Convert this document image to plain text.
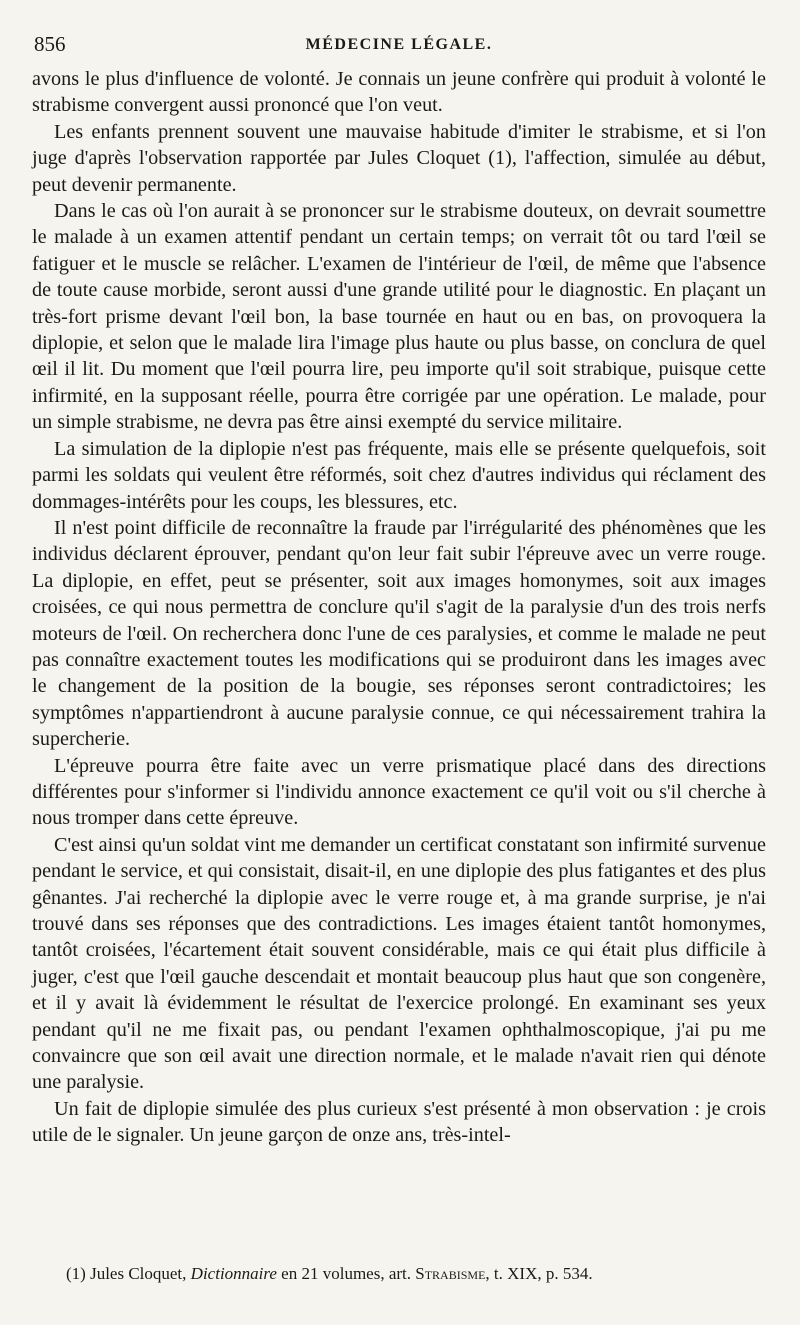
856	MÉDECINE LÉGALE.

avons le plus d'influence de volonté. Je connais un jeune confrère qui produit à volonté le strabisme convergent aussi prononcé que l'on veut.

Les enfants prennent souvent une mauvaise habitude d'imiter le strabisme, et si l'on juge d'après l'observation rapportée par Jules Cloquet (1), l'affection, simulée au début, peut devenir permanente.

Dans le cas où l'on aurait à se prononcer sur le strabisme douteux, on devrait soumettre le malade à un examen attentif pendant un certain temps; on verrait tôt ou tard l'œil se fatiguer et le muscle se relâcher. L'examen de l'intérieur de l'œil, de même que l'absence de toute cause morbide, seront aussi d'une grande utilité pour le diagnostic. En plaçant un très-fort prisme devant l'œil bon, la base tournée en haut ou en bas, on provoquera la diplopie, et selon que le malade lira l'image plus haute ou plus basse, on conclura de quel œil il lit. Du moment que l'œil pourra lire, peu importe qu'il soit strabique, puisque cette infirmité, en la supposant réelle, pourra être corrigée par une opération. Le malade, pour un simple strabisme, ne devra pas être ainsi exempté du service militaire.

La simulation de la diplopie n'est pas fréquente, mais elle se présente quelquefois, soit parmi les soldats qui veulent être réformés, soit chez d'autres individus qui réclament des dommages-intérêts pour les coups, les blessures, etc.

Il n'est point difficile de reconnaître la fraude par l'irrégularité des phénomènes que les individus déclarent éprouver, pendant qu'on leur fait subir l'épreuve avec un verre rouge. La diplopie, en effet, peut se présenter, soit aux images homonymes, soit aux images croisées, ce qui nous permettra de conclure qu'il s'agit de la paralysie d'un des trois nerfs moteurs de l'œil. On recherchera donc l'une de ces paralysies, et comme le malade ne peut pas connaître exactement toutes les modifications qui se produiront dans les images avec le changement de la position de la bougie, ses réponses seront contradictoires; les symptômes n'appartiendront à aucune paralysie connue, ce qui nécessairement trahira la supercherie.

L'épreuve pourra être faite avec un verre prismatique placé dans des directions différentes pour s'informer si l'individu annonce exactement ce qu'il voit ou s'il cherche à nous tromper dans cette épreuve.

C'est ainsi qu'un soldat vint me demander un certificat constatant son infirmité survenue pendant le service, et qui consistait, disait-il, en une diplopie des plus fatigantes et des plus gênantes. J'ai recherché la diplopie avec le verre rouge et, à ma grande surprise, je n'ai trouvé dans ses réponses que des contradictions. Les images étaient tantôt homonymes, tantôt croisées, l'écartement était souvent considérable, mais ce qui était plus difficile à juger, c'est que l'œil gauche descendait et montait beaucoup plus haut que son congenère, et il y avait là évidemment le résultat de l'exercice prolongé. En examinant ses yeux pendant qu'il ne me fixait pas, ou pendant l'examen ophthalmoscopique, j'ai pu me convaincre que son œil avait une direction normale, et le malade n'avait rien qui dénote une paralysie.

Un fait de diplopie simulée des plus curieux s'est présenté à mon observation : je crois utile de le signaler. Un jeune garçon de onze ans, très-intel-

(1) Jules Cloquet, Dictionnaire en 21 volumes, art. Strabisme, t. XIX, p. 534.
